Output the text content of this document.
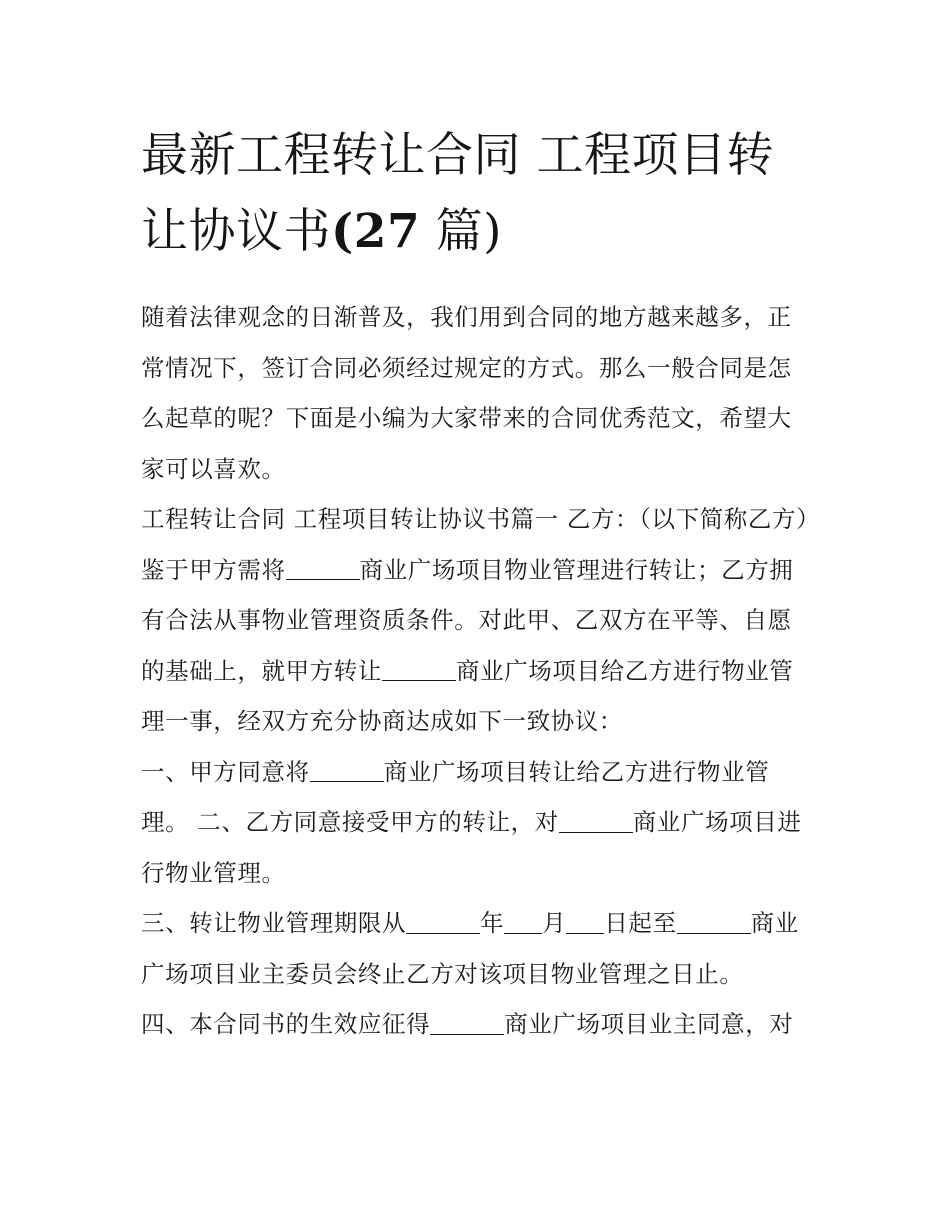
最新工程转让合同 工程项目转让协议书(27 篇)

随着法律观念的日渐普及，我们用到合同的地方越来越多，正常情况下，签订合同必须经过规定的方式。那么一般合同是怎么起草的呢？下面是小编为大家带来的合同优秀范文，希望大家可以喜欢。

工程转让合同 工程项目转让协议书篇一 乙方：（以下简称乙方）

鉴于甲方需将	商业广场项目物业管理进行转让；乙方拥有合法从事物业管理资质条件。对此甲、乙双方在平等、自愿的基础上，就甲方转让	商业广场项目给乙方进行物业管理一事，经双方充分协商达成如下一致协议：

一、甲方同意将	商业广场项目转让给乙方进行物业管理。 二、乙方同意接受甲方的转让，对	商业广场项目进行物业管理。

三、转让物业管理期限从	年 月 日起至	商业广场项目业主委员会终止乙方对该项目物业管理之日止。

四、本合同书的生效应征得	商业广场项目业主同意，对
